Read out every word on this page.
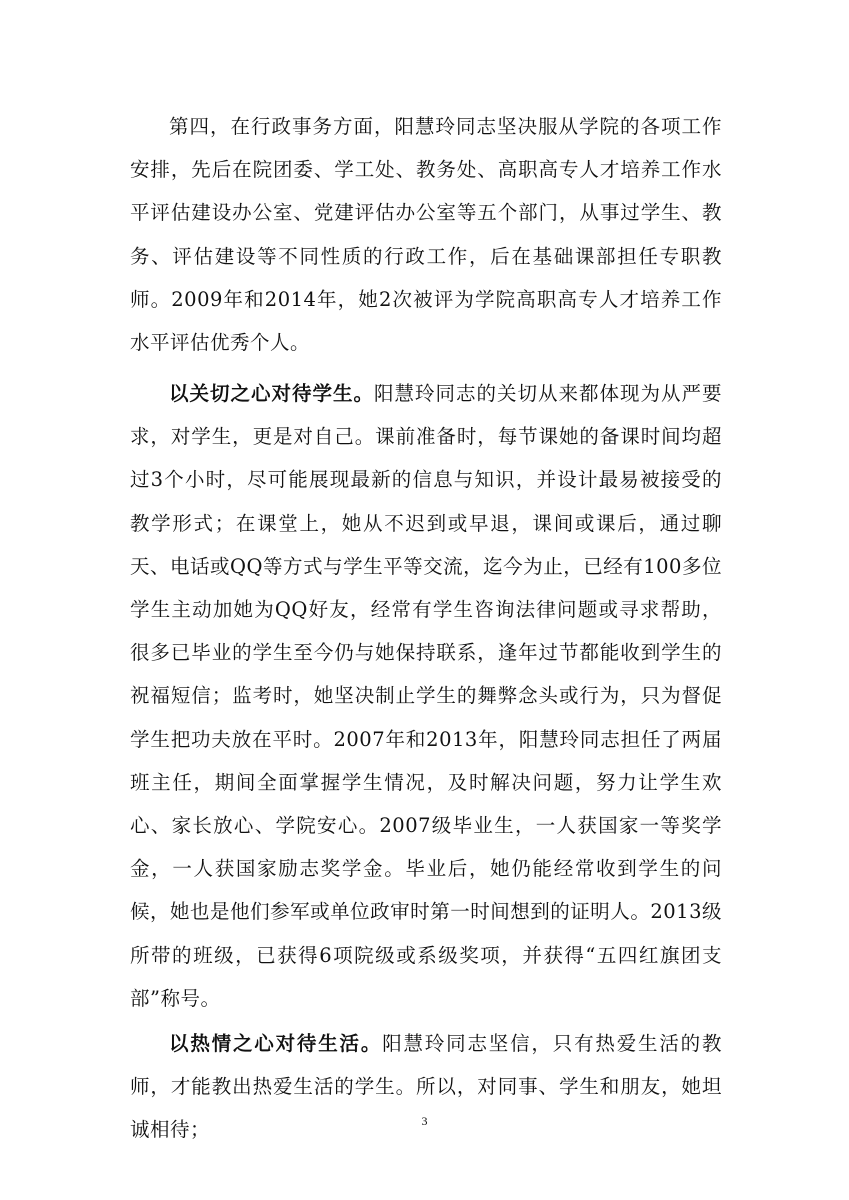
第四，在行政事务方面，阳慧玲同志坚决服从学院的各项工作安排，先后在院团委、学工处、教务处、高职高专人才培养工作水平评估建设办公室、党建评估办公室等五个部门，从事过学生、教务、评估建设等不同性质的行政工作，后在基础课部担任专职教师。2009年和2014年，她2次被评为学院高职高专人才培养工作水平评估优秀个人。

以关切之心对待学生。阳慧玲同志的关切从来都体现为从严要求，对学生，更是对自己。课前准备时，每节课她的备课时间均超过3个小时，尽可能展现最新的信息与知识，并设计最易被接受的教学形式；在课堂上，她从不迟到或早退，课间或课后，通过聊天、电话或QQ等方式与学生平等交流，迄今为止，已经有100多位学生主动加她为QQ好友，经常有学生咨询法律问题或寻求帮助，很多已毕业的学生至今仍与她保持联系，逢年过节都能收到学生的祝福短信；监考时，她坚决制止学生的舞弊念头或行为，只为督促学生把功夫放在平时。2007年和2013年，阳慧玲同志担任了两届班主任，期间全面掌握学生情况，及时解决问题，努力让学生欢心、家长放心、学院安心。2007级毕业生，一人获国家一等奖学金，一人获国家励志奖学金。毕业后，她仍能经常收到学生的问候，她也是他们参军或单位政审时第一时间想到的证明人。2013级所带的班级，已获得6项院级或系级奖项，并获得“五四红旗团支部”称号。

以热情之心对待生活。阳慧玲同志坚信，只有热爱生活的教师，才能教出热爱生活的学生。所以，对同事、学生和朋友，她坦诚相待；	3
